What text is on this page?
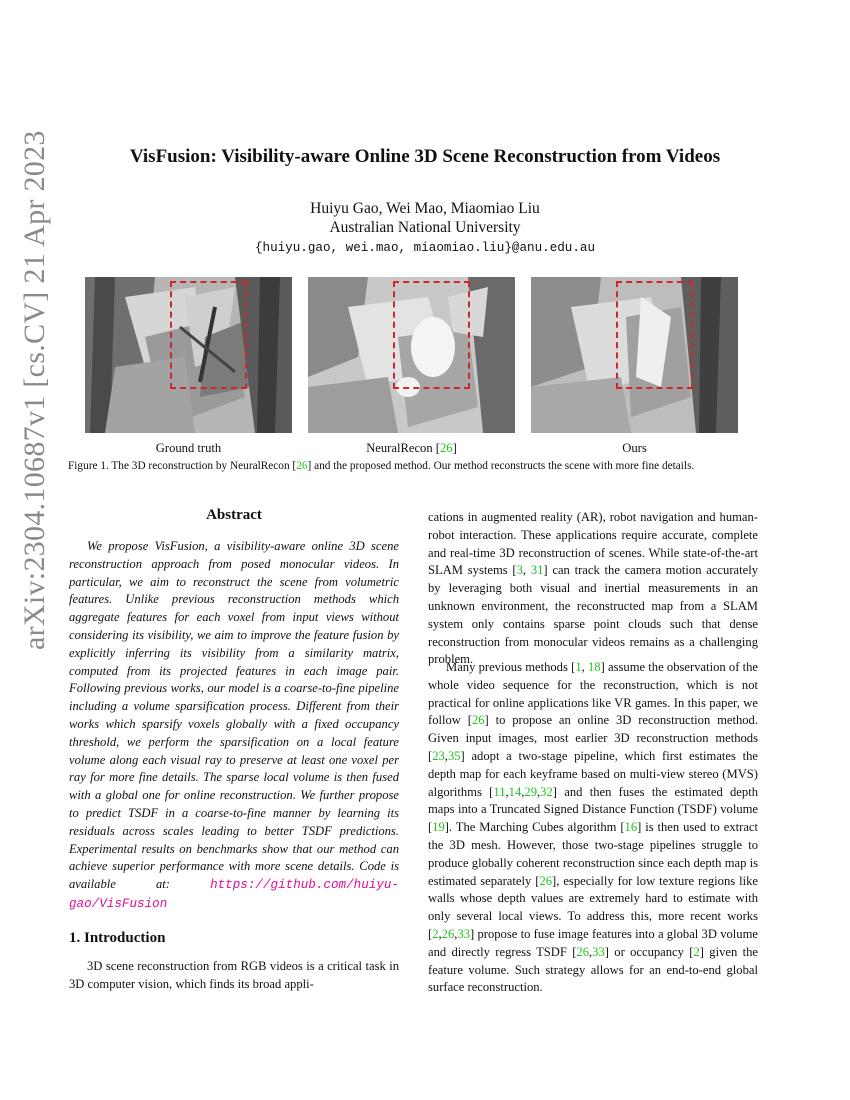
arXiv:2304.10687v1 [cs.CV] 21 Apr 2023	VisFusion: Visibility-aware Online 3D Scene Reconstruction from Videos
Huiyu Gao, Wei Mao, Miaomiao Liu
Australian National University
{huiyu.gao, wei.mao, miaomiao.liu}@anu.edu.au
Ground truth	NeuralRecon [26]	Ours
Figure 1. The 3D reconstruction by NeuralRecon [26] and the proposed method. Our method reconstructs the scene with more fine details.
Abstract
We propose VisFusion, a visibility-aware online 3D scene reconstruction approach from posed monocular videos. In particular, we aim to reconstruct the scene from volumetric features. Unlike previous reconstruction methods which aggregate features for each voxel from input views without considering its visibility, we aim to improve the feature fusion by explicitly inferring its visibility from a similarity matrix, computed from its projected features in each image pair. Following previous works, our model is a coarse-to-fine pipeline including a volume sparsification process. Different from their works which sparsify voxels globally with a fixed occupancy threshold, we perform the sparsification on a local feature volume along each visual ray to preserve at least one voxel per ray for more fine details. The sparse local volume is then fused with a global one for online reconstruction. We further propose to predict TSDF in a coarse-to-fine manner by learning its residuals across scales leading to better TSDF predictions. Experimental results on benchmarks show that our method can achieve superior performance with more scene details. Code is available at: https://github.com/huiyu-gao/VisFusion
1. Introduction
3D scene reconstruction from RGB videos is a critical task in 3D computer vision, which finds its broad appli-
cations in augmented reality (AR), robot navigation and human-robot interaction. These applications require accurate, complete and real-time 3D reconstruction of scenes. While state-of-the-art SLAM systems [3, 31] can track the camera motion accurately by leveraging both visual and inertial measurements in an unknown environment, the reconstructed map from a SLAM system only contains sparse point clouds such that dense reconstruction from monocular videos remains as a challenging problem.
Many previous methods [1, 18] assume the observation of the whole video sequence for the reconstruction, which is not practical for online applications like VR games. In this paper, we follow [26] to propose an online 3D reconstruction method. Given input images, most earlier 3D reconstruction methods [23,35] adopt a two-stage pipeline, which first estimates the depth map for each keyframe based on multi-view stereo (MVS) algorithms [11,14,29,32] and then fuses the estimated depth maps into a Truncated Signed Distance Function (TSDF) volume [19]. The Marching Cubes algorithm [16] is then used to extract the 3D mesh. However, those two-stage pipelines struggle to produce globally coherent reconstruction since each depth map is estimated separately [26], especially for low texture regions like walls whose depth values are extremely hard to estimate with only several local views. To address this, more recent works [2,26,33] propose to fuse image features into a global 3D volume and directly regress TSDF [26,33] or occupancy [2] given the feature volume. Such strategy allows for an end-to-end global surface reconstruction.
